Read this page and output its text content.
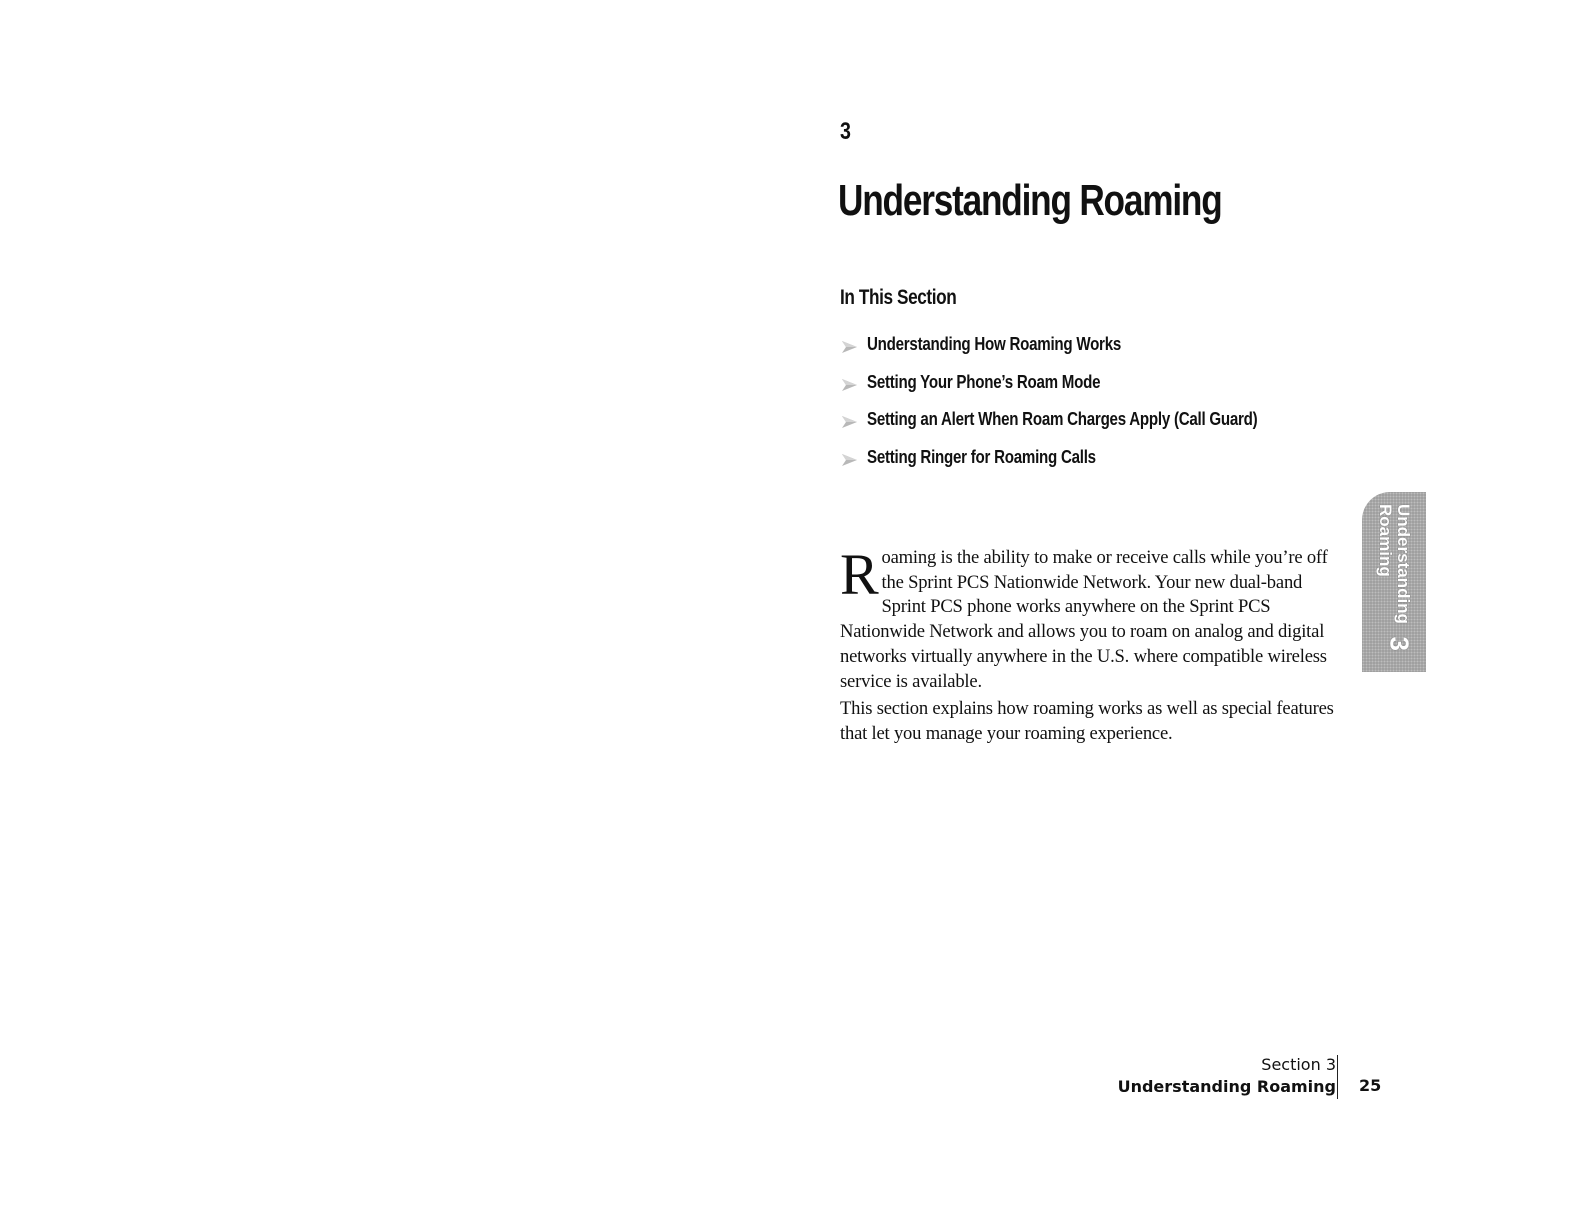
3
Understanding Roaming
In This Section
Understanding How Roaming Works
Setting Your Phone’s Roam Mode
Setting an Alert When Roam Charges Apply (Call Guard)
Setting Ringer for Roaming Calls

Roaming is the ability to make or receive calls while you’re off the Sprint PCS Nationwide Network. Your new dual-band Sprint PCS phone works anywhere on the Sprint PCS Nationwide Network and allows you to roam on analog and digital networks virtually anywhere in the U.S. where compatible wireless service is available.

This section explains how roaming works as well as special features that let you manage your roaming experience.

Understanding
Roaming
3
Section 3
Understanding Roaming 25
